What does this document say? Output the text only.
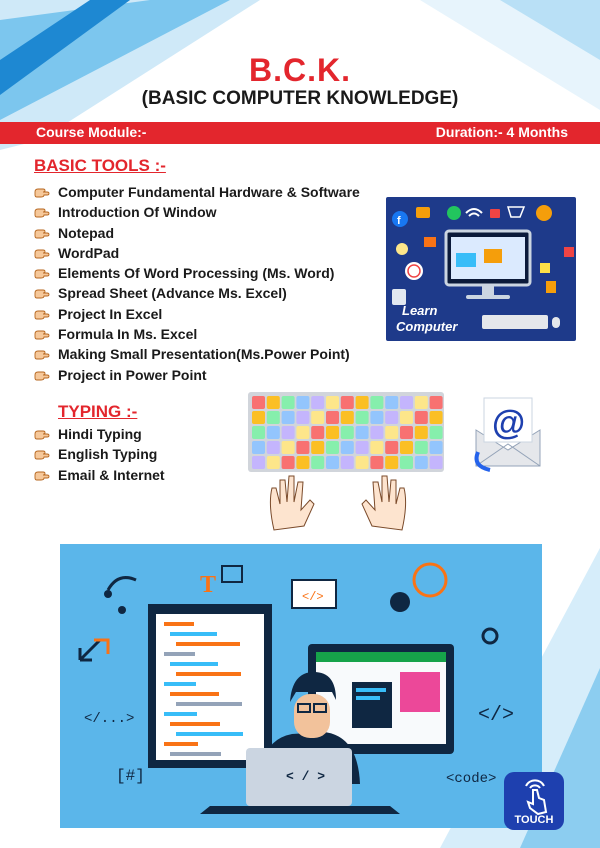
B.C.K.
(BASIC COMPUTER KNOWLEDGE)
Course Module:-	Duration:- 4 Months
BASIC TOOLS :-
Computer Fundamental Hardware & Software
Introduction Of Window
Notepad
WordPad
Elements Of Word Processing (Ms. Word)
Spread Sheet (Advance Ms. Excel)
Project In Excel
Formula In Ms. Excel
Making Small Presentation(Ms.Power Point)
Project in Power Point
TYPING :-
Hindi Typing
English Typing
Email & Internet
f
Learn
Computer
@
T	</>
</...>
[#]
</>
<code>
< / >
TOUCH
